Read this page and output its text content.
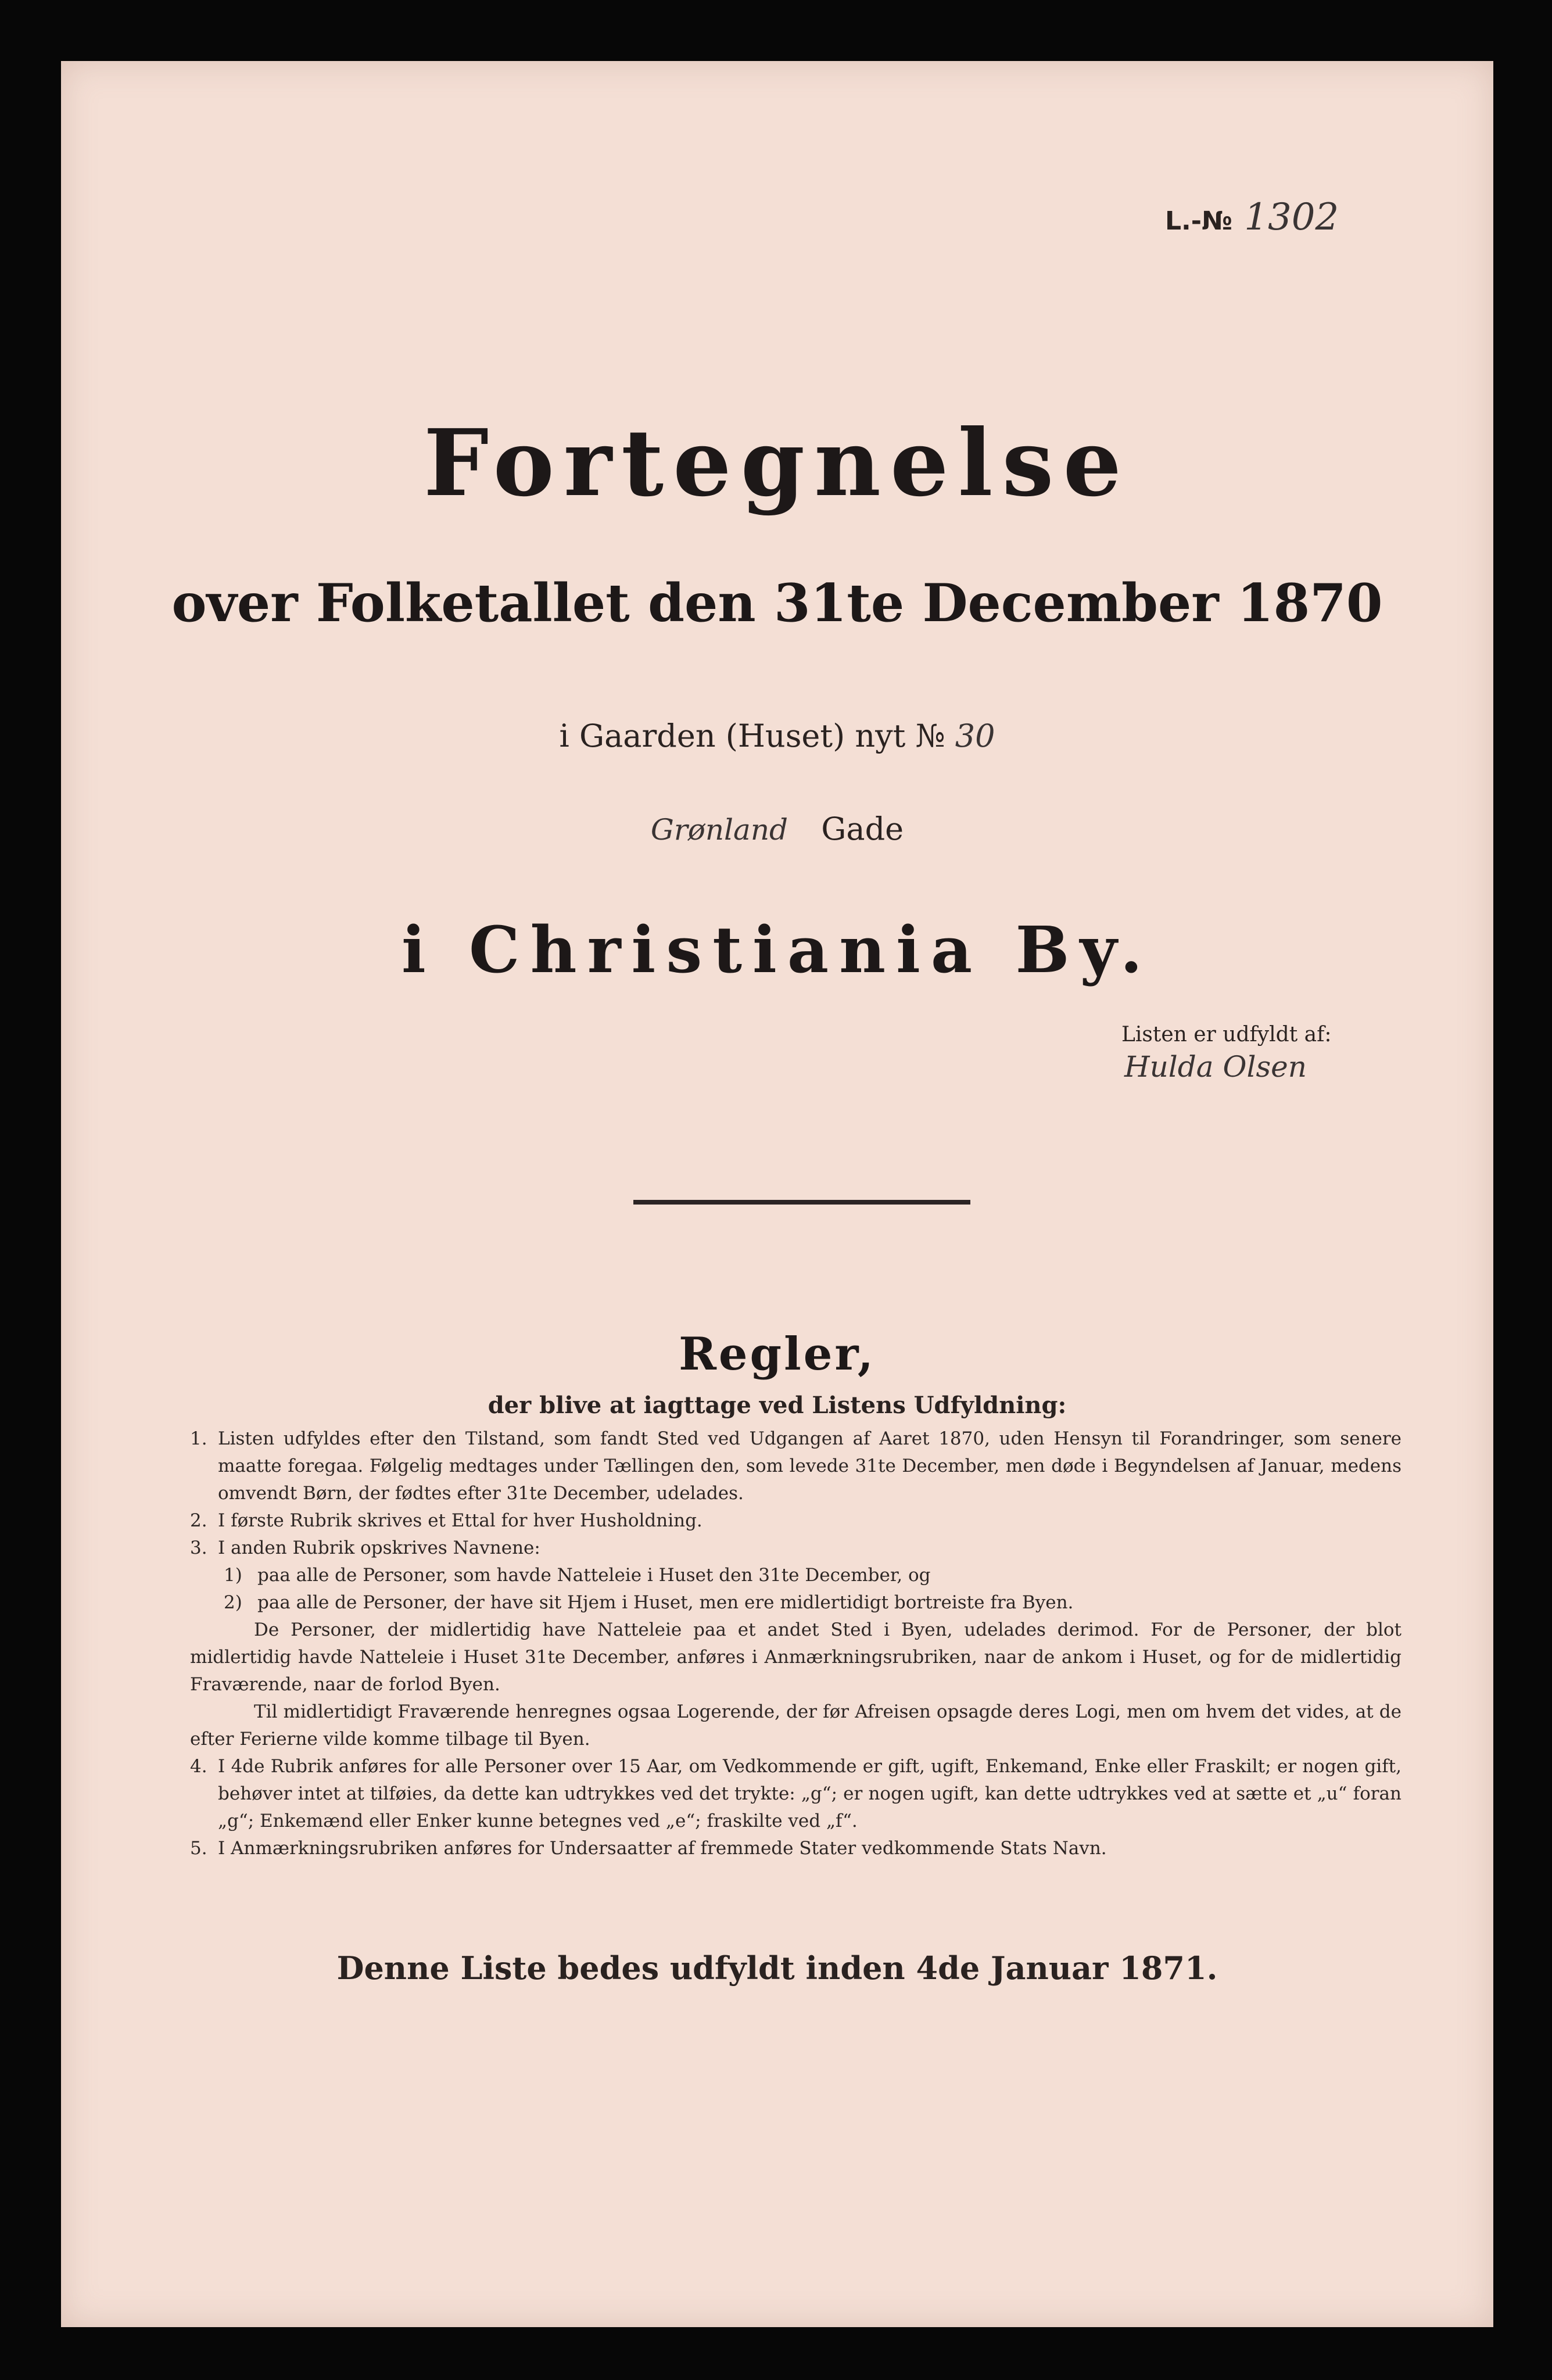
L.-№ 1302
Fortegnelse
over Folketallet den 31te December 1870
i Gaarden (Huset) nyt № 30
Grønland Gade
i Christiania By.
Listen er udfyldt af:
Hulda Olsen
Regler,
der blive at iagttage ved Listens Udfyldning:
1. Listen udfyldes efter den Tilstand, som fandt Sted ved Udgangen af Aaret 1870, uden Hensyn til Forandringer, som senere maatte foregaa. Følgelig medtages under Tællingen den, som levede 31te December, men døde i Begyndelsen af Januar, medens omvendt Børn, der fødtes efter 31te December, udelades.
2. I første Rubrik skrives et Ettal for hver Husholdning.
3. I anden Rubrik opskrives Navnene:
1) paa alle de Personer, som havde Natteleie i Huset den 31te December, og
2) paa alle de Personer, der have sit Hjem i Huset, men ere midlertidigt bortreiste fra Byen.
De Personer, der midlertidig have Natteleie paa et andet Sted i Byen, udelades derimod. For de Personer, der blot midlertidig havde Natteleie i Huset 31te December, anføres i Anmærkningsrubriken, naar de ankom i Huset, og for de midlertidig Fraværende, naar de forlod Byen.
Til midlertidigt Fraværende henregnes ogsaa Logerende, der før Afreisen opsagde deres Logi, men om hvem det vides, at de efter Ferierne vilde komme tilbage til Byen.
4. I 4de Rubrik anføres for alle Personer over 15 Aar, om Vedkommende er gift, ugift, Enkemand, Enke eller Fraskilt; er nogen gift, behøver intet at tilføies, da dette kan udtrykkes ved det trykte: „g“; er nogen ugift, kan dette udtrykkes ved at sætte et „u“ foran „g“; Enkemænd eller Enker kunne betegnes ved „e“; fraskilte ved „f“.
5. I Anmærkningsrubriken anføres for Undersaatter af fremmede Stater vedkommende Stats Navn.
Denne Liste bedes udfyldt inden 4de Januar 1871.
